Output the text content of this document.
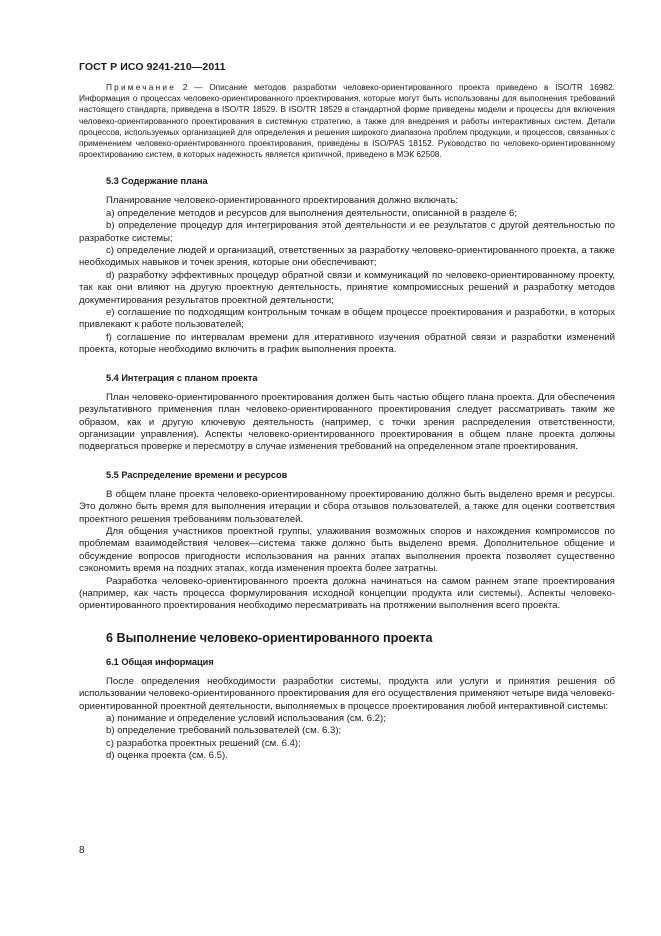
ГОСТ Р ИСО 9241-210—2011

Примечание 2 — Описание методов разработки человеко-ориентированного проекта приведено в ISO/TR 16982. Информация о процессах человеко-ориентированного проектирования, которые могут быть использованы для выполнения требований настоящего стандарта, приведена в ISO/TR 18529. В ISO/TR 18529 в стандартной форме приведены модели и процессы для включения человеко-ориентированного проектирования в системную стратегию, а также для внедрения и работы интерактивных систем. Детали процессов, используемых организацией для определения и решения широкого диапазона проблем продукции, и процессов, связанных с применением человеко-ориентированного проектирования, приведены в ISO/PAS 18152. Руководство по человеко-ориентированному проектированию систем, в которых надежность является критичной, приведено в МЭК 62508.

5.3 Содержание плана

Планирование человеко-ориентированного проектирования должно включать:

а) определение методов и ресурсов для выполнения деятельности, описанной в разделе 6;

b) определение процедур для интегрирования этой деятельности и ее результатов с другой деятельностью по разработке системы;

c) определение людей и организаций, ответственных за разработку человеко-ориентированного проекта, а также необходимых навыков и точек зрения, которые они обеспечивают;

d) разработку эффективных процедур обратной связи и коммуникаций по человеко-ориентированному проекту, так как они влияют на другую проектную деятельность, принятие компромиссных решений и разработку методов документирования результатов проектной деятельности;

e) соглашение по подходящим контрольным точкам в общем процессе проектирования и разработки, в которых привлекают к работе пользователей;

f) соглашение по интервалам времени для итеративного изучения обратной связи и разработки изменений проекта, которые необходимо включить в график выполнения проекта.

5.4 Интеграция с планом проекта

План человеко-ориентированного проектирования должен быть частью общего плана проекта. Для обеспечения результативного применения план человеко-ориентированного проектирования следует рассматривать таким же образом, как и другую ключевую деятельность (например, с точки зрения распределения ответственности, организации управления). Аспекты человеко-ориентированного проектирования в общем плане проекта должны подвергаться проверке и пересмотру в случае изменения требований на определенном этапе проектирования.

5.5 Распределение времени и ресурсов

В общем плане проекта человеко-ориентированному проектированию должно быть выделено время и ресурсы. Это должно быть время для выполнения итерации и сбора отзывов пользователей, а также для оценки соответствия проектного решения требованиям пользователей.

Для общения участников проектной группы, улаживания возможных споров и нахождения компромиссов по проблемам взаимодействия человек—система также должно быть выделено время. Дополнительное общение и обсуждение вопросов пригодности использования на ранних этапах выполнения проекта позволяет существенно сэкономить время на поздних этапах, когда изменения проекта более затратны.

Разработка человеко-ориентированного проекта должна начинаться на самом раннем этапе проектирования (например, как часть процесса формулирования исходной концепции продукта или системы). Аспекты человеко-ориентированного проектирования необходимо пересматривать на протяжении выполнения всего проекта.

6 Выполнение человеко-ориентированного проекта
6.1 Общая информация

После определения необходимости разработки системы, продукта или услуги и принятия решения об использовании человеко-ориентированного проектирования для его осуществления применяют четыре вида человеко-ориентированной проектной деятельности, выполняемых в процессе проектирования любой интерактивной системы:

а) понимание и определение условий использования (см. 6.2);

b) определение требований пользователей (см. 6.3);

c) разработка проектных решений (см. 6.4);

d) оценка проекта (см. 6.5).

8
